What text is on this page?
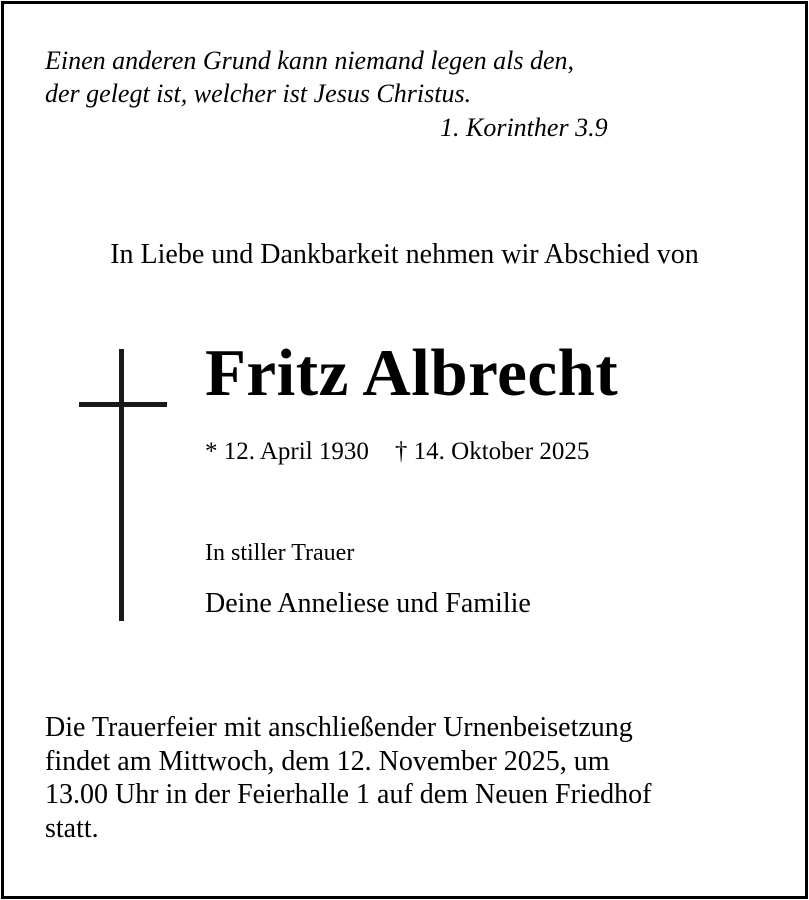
Einen anderen Grund kann niemand legen als den,
der gelegt ist, welcher ist Jesus Christus.
1. Korinther 3.9
In Liebe und Dankbarkeit nehmen wir Abschied von
Fritz Albrecht
* 12. April 1930 † 14. Oktober 2025
In stiller Trauer
Deine Anneliese und Familie
Die Trauerfeier mit anschließender Urnenbeisetzung
findet am Mittwoch, dem 12. November 2025, um
13.00 Uhr in der Feierhalle 1 auf dem Neuen Friedhof
statt.
